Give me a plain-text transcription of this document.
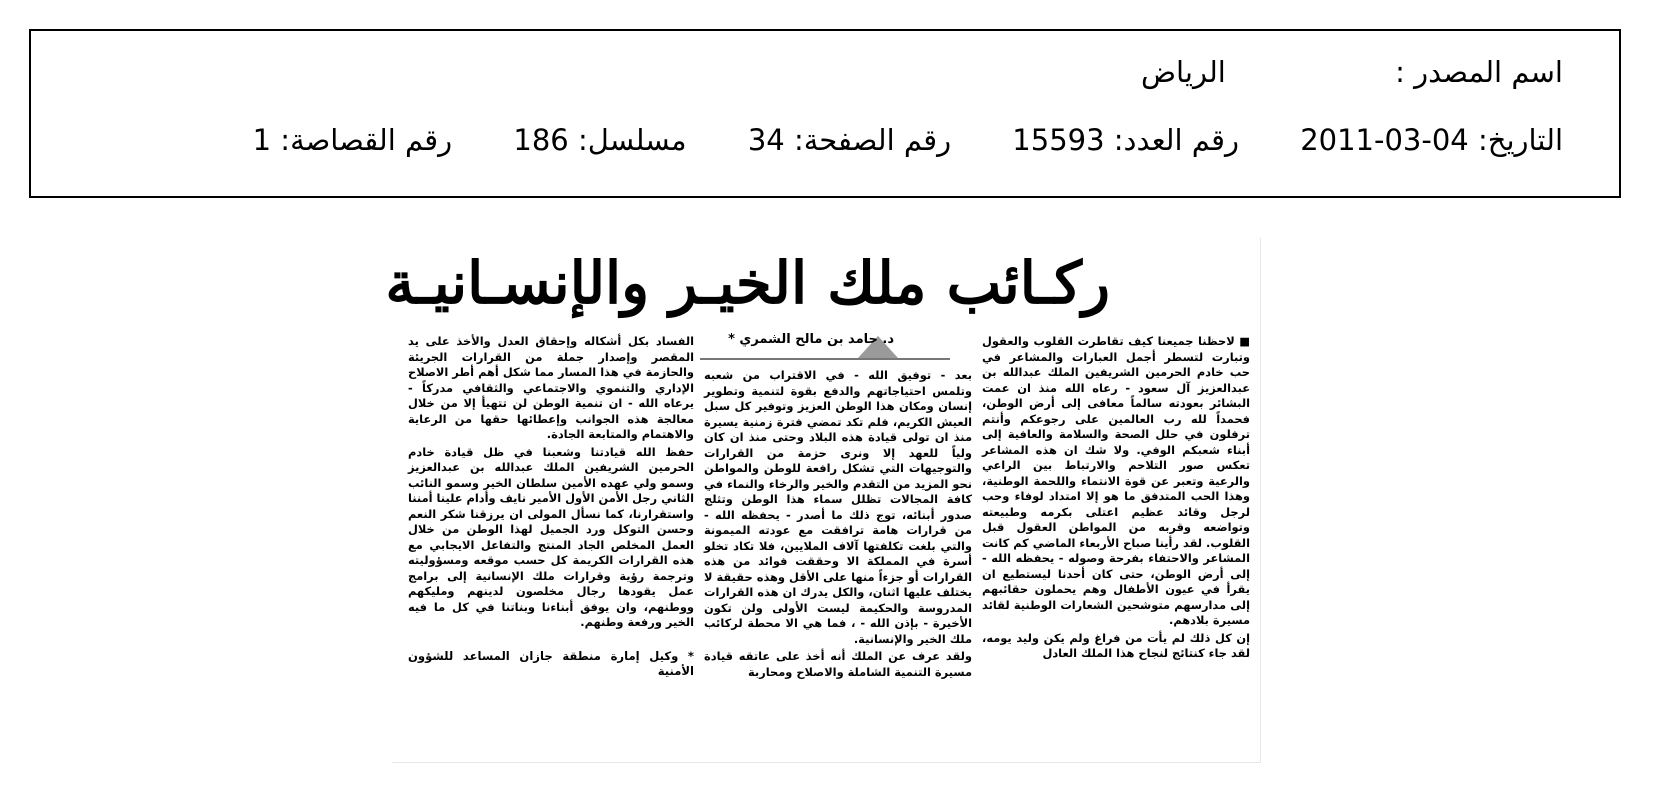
اسم المصدر : الرياض
التاريخ: 2011-03-04 رقم العدد: 15593 رقم الصفحة: 34 مسلسل: 186 رقم القصاصة: 1
ركـائب ملك الخيـر والإنسـانيـة
د. حامد بن مالح الشمري *	■ لاحظنا جميعنا كيف تقاطرت القلوب والعقول وتبارت لتسطر أجمل العبارات والمشاعر في حب خادم الحرمين الشريفين الملك عبدالله بن عبدالعزيز آل سعود - رعاه الله منذ ان عمت البشائر بعودته سالماً معافى إلى أرض الوطن، فحمداً لله رب العالمين على رجوعكم وأنتم ترفلون في حلل الصحة والسلامة والعافية إلى أبناء شعبكم الوفي. ولا شك ان هذه المشاعر تعكس صور التلاحم والارتباط بين الراعي والرعية وتعبر عن قوة الانتماء واللحمة الوطنية، وهذا الحب المتدفق ما هو إلا امتداد لوفاء وحب لرجل وقائد عظيم اعتلى بكرمه وطبيعته وتواضعه وقربه من المواطن العقول قبل القلوب. لقد رأينا صباح الأربعاء الماضي كم كانت المشاعر والاحتفاء بفرحة وصوله - يحفظه الله - إلى أرض الوطن، حتى كان أحدنا ليستطيع ان يقرأ في عيون الأطفال وهم يحملون حقائبهم إلى مدارسهم متوشحين الشعارات الوطنية لقائد مسيرة بلادهم.

إن كل ذلك لم يأت من فراغ ولم يكن وليد يومه، لقد جاء كنتائج لنجاح هذا الملك العادل

بعد - توفيق الله - في الاقتراب من شعبه وتلمس احتياجاتهم والدفع بقوة لتنمية وتطوير إنسان ومكان هذا الوطن العزيز وتوفير كل سبل العيش الكريم، فلم تكد تمضي فترة زمنية يسيرة منذ ان تولى قيادة هذه البلاد وحتى منذ ان كان ولياً للعهد إلا ونرى حزمة من القرارات والتوجيهات التي تشكل رافعة للوطن والمواطن نحو المزيد من التقدم والخير والرخاء والنماء في كافة المجالات تظلل سماء هذا الوطن وتثلج صدور أبنائه، توج ذلك ما أصدر - يحفظه الله - من قرارات هامة ترافقت مع عودته الميمونة والتي بلغت تكلفتها آلاف الملايين، فلا تكاد تخلو أسرة في المملكة الا وحققت فوائد من هذه القرارات أو جزءاً منها على الأقل وهذه حقيقة لا يختلف عليها اثنان، والكل يدرك ان هذه القرارات المدروسة والحكيمة ليست الأولى ولن تكون الأخيرة - بإذن الله - ، فما هي الا محطة لركائب ملك الخير والإنسانية.

ولقد عرف عن الملك أنه أخذ على عاتقه قيادة مسيرة التنمية الشاملة والاصلاح ومحاربة

الفساد بكل أشكاله وإحقاق العدل والأخذ على يد المقصر وإصدار جملة من القرارات الجريئة والحازمة في هذا المسار مما شكل أهم أطر الاصلاح الإداري والتنموي والاجتماعي والثقافي مدركاً - يرعاه الله - ان تنمية الوطن لن تتهيأ إلا من خلال معالجة هذه الجوانب وإعطائها حقها من الرعاية والاهتمام والمتابعة الجادة.

حفظ الله قيادتنا وشعبنا في ظل قيادة خادم الحرمين الشريفين الملك عبدالله بن عبدالعزيز وسمو ولي عهده الأمين سلطان الخير وسمو النائب الثاني رجل الأمن الأول الأمير نايف وأدام علينا أمننا واستقرارنا، كما نسأل المولى ان يرزقنا شكر النعم وحسن التوكل ورد الجميل لهذا الوطن من خلال العمل المخلص الجاد المنتج والتفاعل الايجابي مع هذه القرارات الكريمة كل حسب موقعه ومسؤوليته وترجمة رؤية وقرارات ملك الإنسانية إلى برامج عمل يقودها رجال مخلصون لدينهم ومليكهم ووطنهم، وان يوفق أبناءنا وبناتنا في كل ما فيه الخير ورفعة وطنهم.

* وكيل إمارة منطقة جازان المساعد للشؤون الأمنية
